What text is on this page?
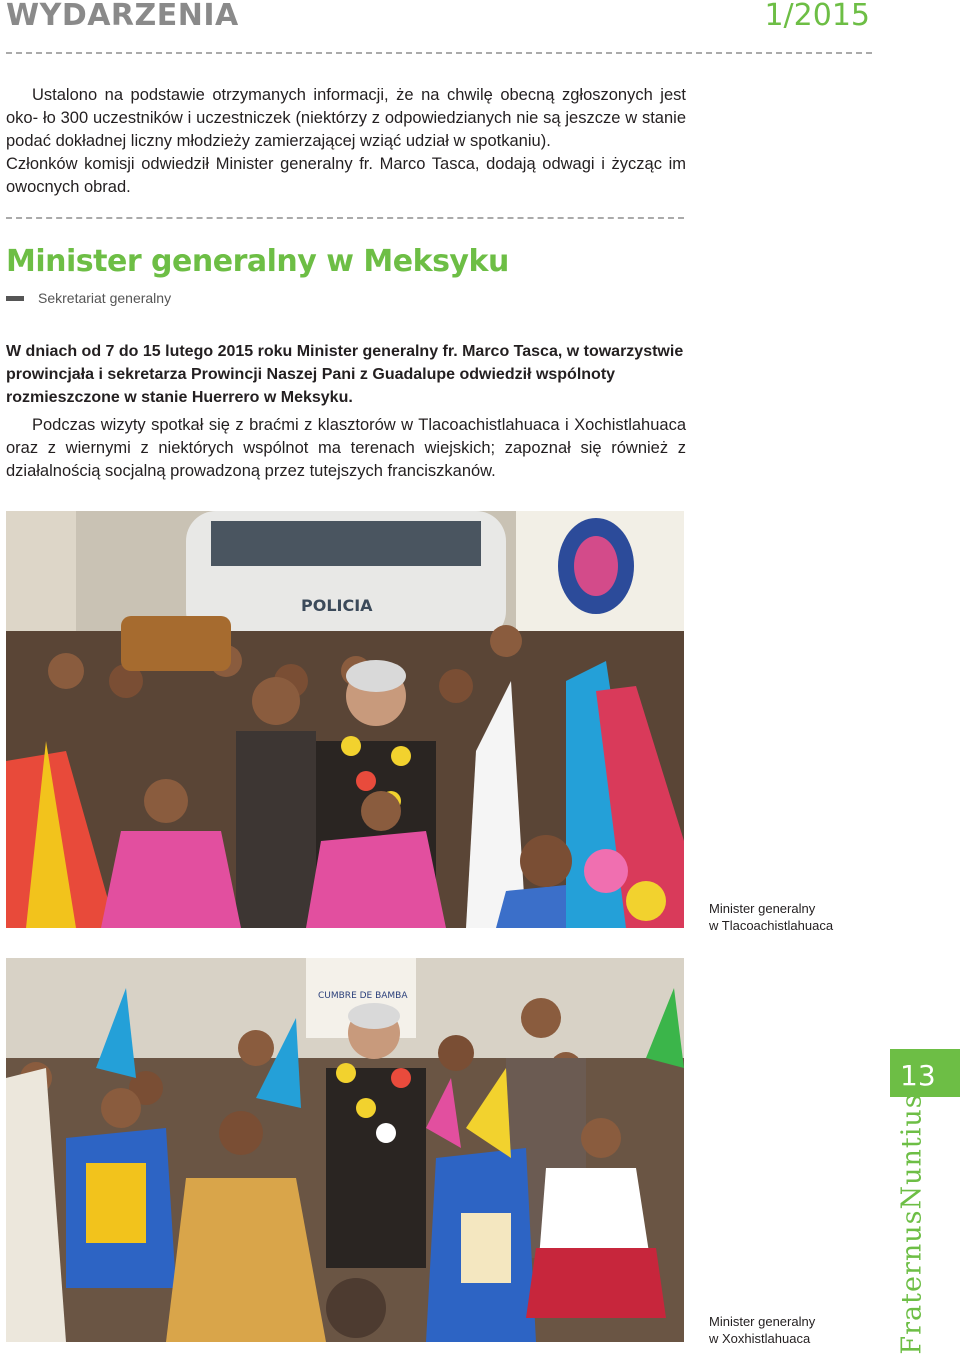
WYDARZENIA	1/2015

Ustalono na podstawie otrzymanych informacji, że na chwilę obecną zgłoszonych jest oko- ło 300 uczestników i uczestniczek (niektórzy z odpowiedzianych nie są jeszcze w stanie podać dokładnej liczny młodzieży zamierzającej wziąć udział w spotkaniu).
Członków komisji odwiedził Minister generalny fr. Marco Tasca, dodają odwagi i życząc im owocnych obrad.

Minister generalny w Meksyku
Sekretariat generalny

W dniach od 7 do 15 lutego 2015 roku Minister generalny fr. Marco Tasca, w towarzystwie prowincjała i sekretarza Prowincji Naszej Pani z Guadalupe odwiedził wspólnoty rozmieszczone w stanie Huerrero w Meksyku.

Podczas wizyty spotkał się z braćmi z klasztorów w Tlacoachistlahuaca i Xochistlahuaca oraz z wiernymi z niektórych wspólnot ma terenach wiejskich; zapoznał się również z działalnością socjalną prowadzoną przez tutejszych franciszkanów.

POLICIA
Minister generalny
w Tlacoachistlahuaca
CUMBRE DE BAMBA
Minister generalny
w Xoxhistlahuaca
13
FraternusNuntius
